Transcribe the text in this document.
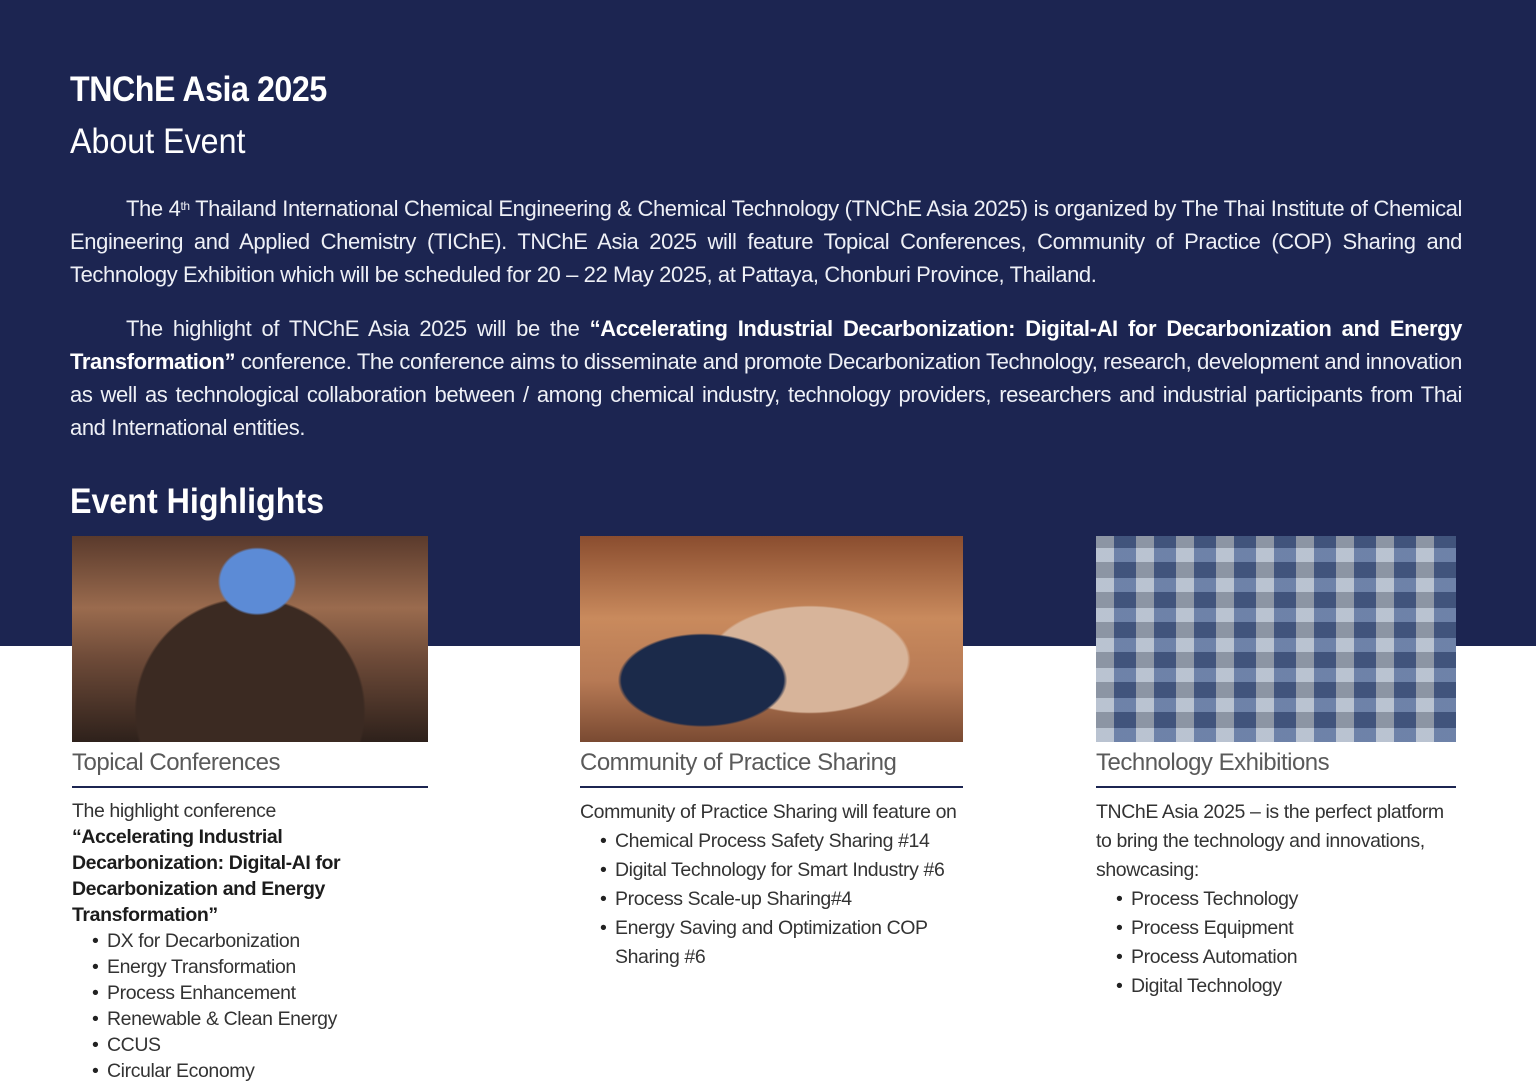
TNChE Asia 2025
About Event

The 4th Thailand International Chemical Engineering & Chemical Technology (TNChE Asia 2025) is organized by The Thai Institute of Chemical Engineering and Applied Chemistry (TIChE). TNChE Asia 2025 will feature Topical Conferences, Community of Practice (COP) Sharing and Technology Exhibition which will be scheduled for 20 – 22 May 2025, at Pattaya, Chonburi Province, Thailand.

The highlight of TNChE Asia 2025 will be the “Accelerating Industrial Decarbonization: Digital-AI for Decarbonization and Energy Transformation” conference. The conference aims to disseminate and promote Decarbonization Technology, research, development and innovation as well as technological collaboration between / among chemical industry, technology providers, researchers and industrial participants from Thai and International entities.

Event Highlights
Topical Conferences
The highlight conference
“Accelerating Industrial Decarbonization: Digital-AI for Decarbonization and Energy Transformation”
• DX for Decarbonization
• Energy Transformation
• Process Enhancement
• Renewable & Clean Energy
• CCUS
• Circular Economy
Community of Practice Sharing
Community of Practice Sharing will feature on
• Chemical Process Safety Sharing #14
• Digital Technology for Smart Industry #6
• Process Scale-up Sharing#4
• Energy Saving and Optimization COP Sharing #6
Technology Exhibitions
TNChE Asia 2025 – is the perfect platform to bring the technology and innovations, showcasing:
• Process Technology
• Process Equipment
• Process Automation
• Digital Technology
